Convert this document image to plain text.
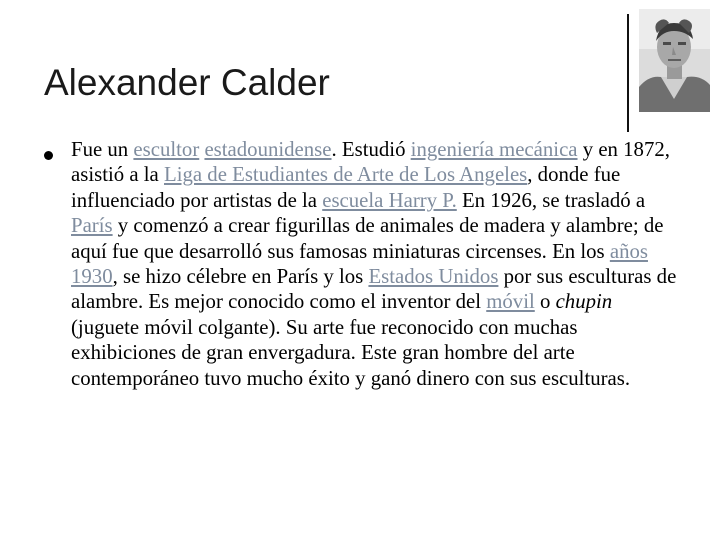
Alexander Calder

Fue un escultor estadounidense. Estudió ingeniería mecánica y en 1872, asistió a la Liga de Estudiantes de Arte de Los Angeles, donde fue influenciado por artistas de la escuela Harry P. En 1926, se trasladó a París y comenzó a crear figurillas de animales de madera y alambre; de aquí fue que desarrolló sus famosas miniaturas circenses. En los años 1930, se hizo célebre en París y los Estados Unidos por sus esculturas de alambre. Es mejor conocido como el inventor del móvil o chupin (juguete móvil colgante). Su arte fue reconocido con muchas exhibiciones de gran envergadura. Este gran hombre del arte contemporáneo tuvo mucho éxito y ganó dinero con sus esculturas.
